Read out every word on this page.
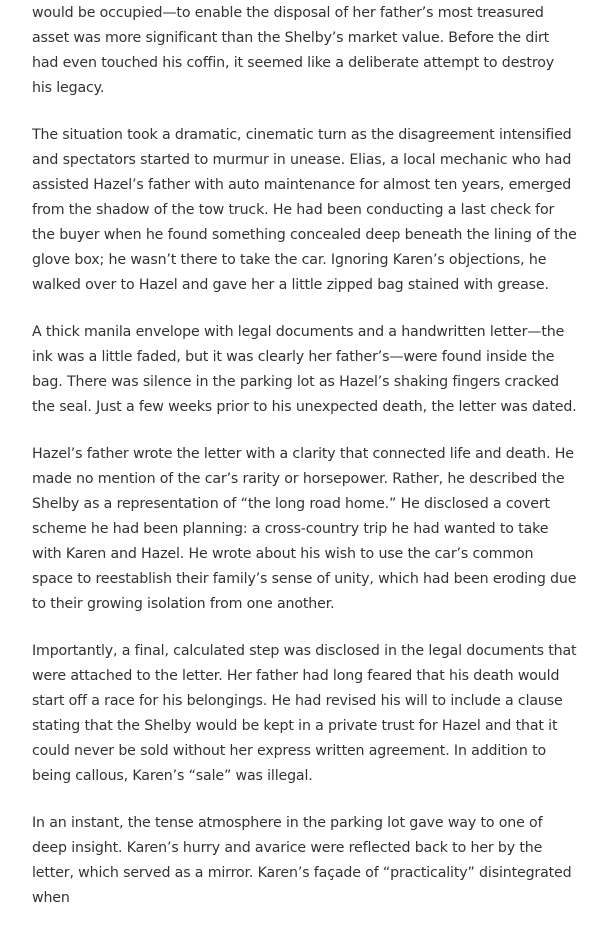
would be occupied—to enable the disposal of her father’s most treasured asset was more significant than the Shelby’s market value. Before the dirt had even touched his coffin, it seemed like a deliberate attempt to destroy his legacy.

The situation took a dramatic, cinematic turn as the disagreement intensified and spectators started to murmur in unease. Elias, a local mechanic who had assisted Hazel’s father with auto maintenance for almost ten years, emerged from the shadow of the tow truck. He had been conducting a last check for the buyer when he found something concealed deep beneath the lining of the glove box; he wasn’t there to take the car. Ignoring Karen’s objections, he walked over to Hazel and gave her a little zipped bag stained with grease.

A thick manila envelope with legal documents and a handwritten letter—the ink was a little faded, but it was clearly her father’s—were found inside the bag. There was silence in the parking lot as Hazel’s shaking fingers cracked the seal. Just a few weeks prior to his unexpected death, the letter was dated.

Hazel’s father wrote the letter with a clarity that connected life and death. He made no mention of the car’s rarity or horsepower. Rather, he described the Shelby as a representation of “the long road home.” He disclosed a covert scheme he had been planning: a cross-country trip he had wanted to take with Karen and Hazel. He wrote about his wish to use the car’s common space to reestablish their family’s sense of unity, which had been eroding due to their growing isolation from one another.

Importantly, a final, calculated step was disclosed in the legal documents that were attached to the letter. Her father had long feared that his death would start off a race for his belongings. He had revised his will to include a clause stating that the Shelby would be kept in a private trust for Hazel and that it could never be sold without her express written agreement. In addition to being callous, Karen’s “sale” was illegal.

In an instant, the tense atmosphere in the parking lot gave way to one of deep insight. Karen’s hurry and avarice were reflected back to her by the letter, which served as a mirror. Karen’s façade of “practicality” disintegrated when
